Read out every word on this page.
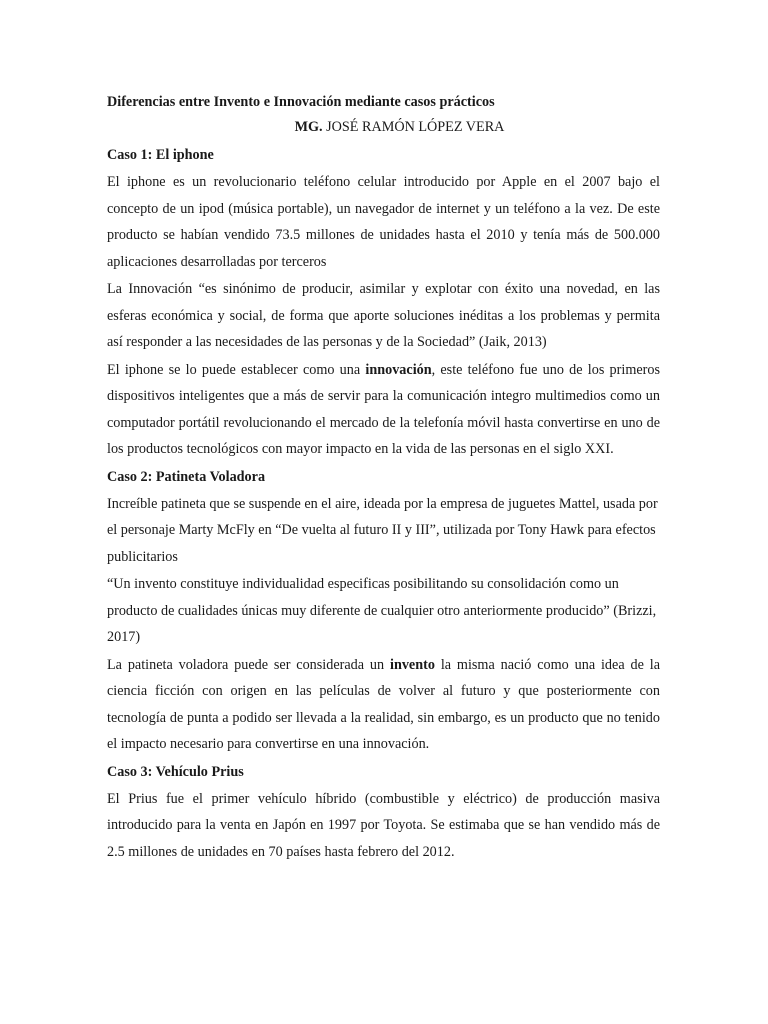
Diferencias entre Invento e Innovación mediante casos prácticos

MG. JOSÉ RAMÓN LÓPEZ VERA

Caso 1: El iphone

El iphone es un revolucionario teléfono celular introducido por Apple en el 2007 bajo el concepto de un ipod (música portable), un navegador de internet y un teléfono a la vez. De este producto se habían vendido 73.5 millones de unidades hasta el 2010 y tenía más de 500.000 aplicaciones desarrolladas por terceros

La Innovación “es sinónimo de producir, asimilar y explotar con éxito una novedad, en las esferas económica y social, de forma que aporte soluciones inéditas a los problemas y permita así responder a las necesidades de las personas y de la Sociedad” (Jaik, 2013)

El iphone se lo puede establecer como una innovación, este teléfono fue uno de los primeros dispositivos inteligentes que a más de servir para la comunicación integro multimedios como un computador portátil revolucionando el mercado de la telefonía móvil hasta convertirse en uno de los productos tecnológicos con mayor impacto en la vida de las personas en el siglo XXI.

Caso 2: Patineta Voladora

Increíble patineta que se suspende en el aire, ideada por la empresa de juguetes Mattel, usada por el personaje Marty McFly en “De vuelta al futuro II y III”, utilizada por Tony Hawk para efectos publicitarios

“Un invento constituye individualidad especificas posibilitando su consolidación como un producto de cualidades únicas muy diferente de cualquier otro anteriormente producido” (Brizzi, 2017)

La patineta voladora puede ser considerada un invento la misma nació como una idea de la ciencia ficción con origen en las películas de volver al futuro y que posteriormente con tecnología de punta a podido ser llevada a la realidad, sin embargo, es un producto que no tenido el impacto necesario para convertirse en una innovación.

Caso 3: Vehículo Prius

El Prius fue el primer vehículo híbrido (combustible y eléctrico) de producción masiva introducido para la venta en Japón en 1997 por Toyota. Se estimaba que se han vendido más de 2.5 millones de unidades en 70 países hasta febrero del 2012.
